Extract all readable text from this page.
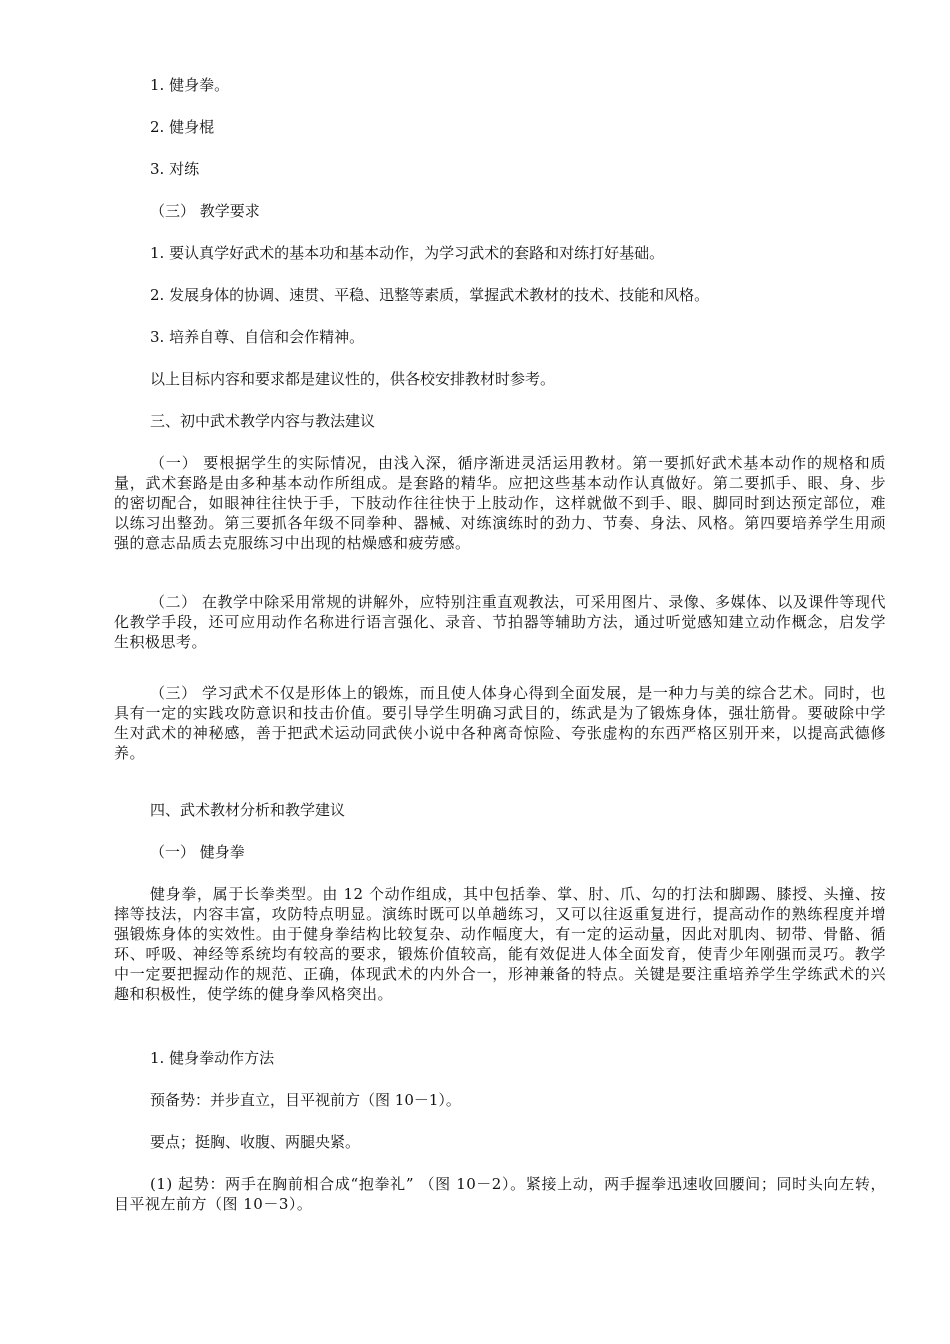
1. 健身拳。
2. 健身棍
3. 对练
（三） 教学要求
1. 要认真学好武术的基本功和基本动作，为学习武术的套路和对练打好基础。
2. 发展身体的协调、速贯、平稳、迅整等素质，掌握武术教材的技术、技能和风格。
3. 培养自尊、自信和会作精神。
以上目标内容和要求都是建议性的，供各校安排教材时参考。
三、初中武术教学内容与教法建议
（一） 要根据学生的实际情况，由浅入深，循序渐进灵活运用教材。第一要抓好武术基本动作的规格和质量，武术套路是由多种基本动作所组成。是套路的精华。应把这些基本动作认真做好。第二要抓手、眼、身、步的密切配合，如眼神往往快于手，下肢动作往往快于上肢动作，这样就做不到手、眼、脚同时到达预定部位，难以练习出整劲。第三要抓各年级不同拳种、器械、对练演练时的劲力、节奏、身法、风格。第四要培养学生用顽强的意志品质去克服练习中出现的枯燥感和疲劳感。
（二） 在教学中除采用常规的讲解外，应特别注重直观教法，可采用图片、录像、多媒体、以及课件等现代化教学手段，还可应用动作名称进行语言强化、录音、节拍器等辅助方法，通过听觉感知建立动作概念，启发学生积极思考。
（三） 学习武术不仅是形体上的锻炼，而且使人体身心得到全面发展，是一种力与美的综合艺术。同时，也具有一定的实践攻防意识和技击价值。要引导学生明确习武目的，练武是为了锻炼身体，强壮筋骨。要破除中学生对武术的神秘感，善于把武术运动同武侠小说中各种离奇惊险、夸张虚构的东西严格区别开来，以提高武德修养。
四、武术教材分析和教学建议
（一） 健身拳
健身拳，属于长拳类型。由 12 个动作组成，其中包括拳、掌、肘、爪、勾的打法和脚踢、膝授、头撞、按摔等技法，内容丰富，攻防特点明显。演练时既可以单趟练习，又可以往返重复进行，提高动作的熟练程度并增强锻炼身体的实效性。由于健身拳结构比较复杂、动作幅度大，有一定的运动量，因此对肌肉、韧带、骨骼、循环、呼吸、神经等系统均有较高的要求，锻炼价值较高，能有效促进人体全面发育，使青少年刚强而灵巧。教学中一定要把握动作的规范、正确，体现武术的内外合一，形神兼备的特点。关键是要注重培养学生学练武术的兴趣和积极性，使学练的健身拳风格突出。
1. 健身拳动作方法
预备势：并步直立，目平视前方（图 10－1）。
要点；挺胸、收腹、两腿央紧。
(1) 起势：两手在胸前相合成“抱拳礼” （图 10－2）。紧接上动，两手握拳迅速收回腰间；同时头向左转，目平视左前方（图 10－3）。
